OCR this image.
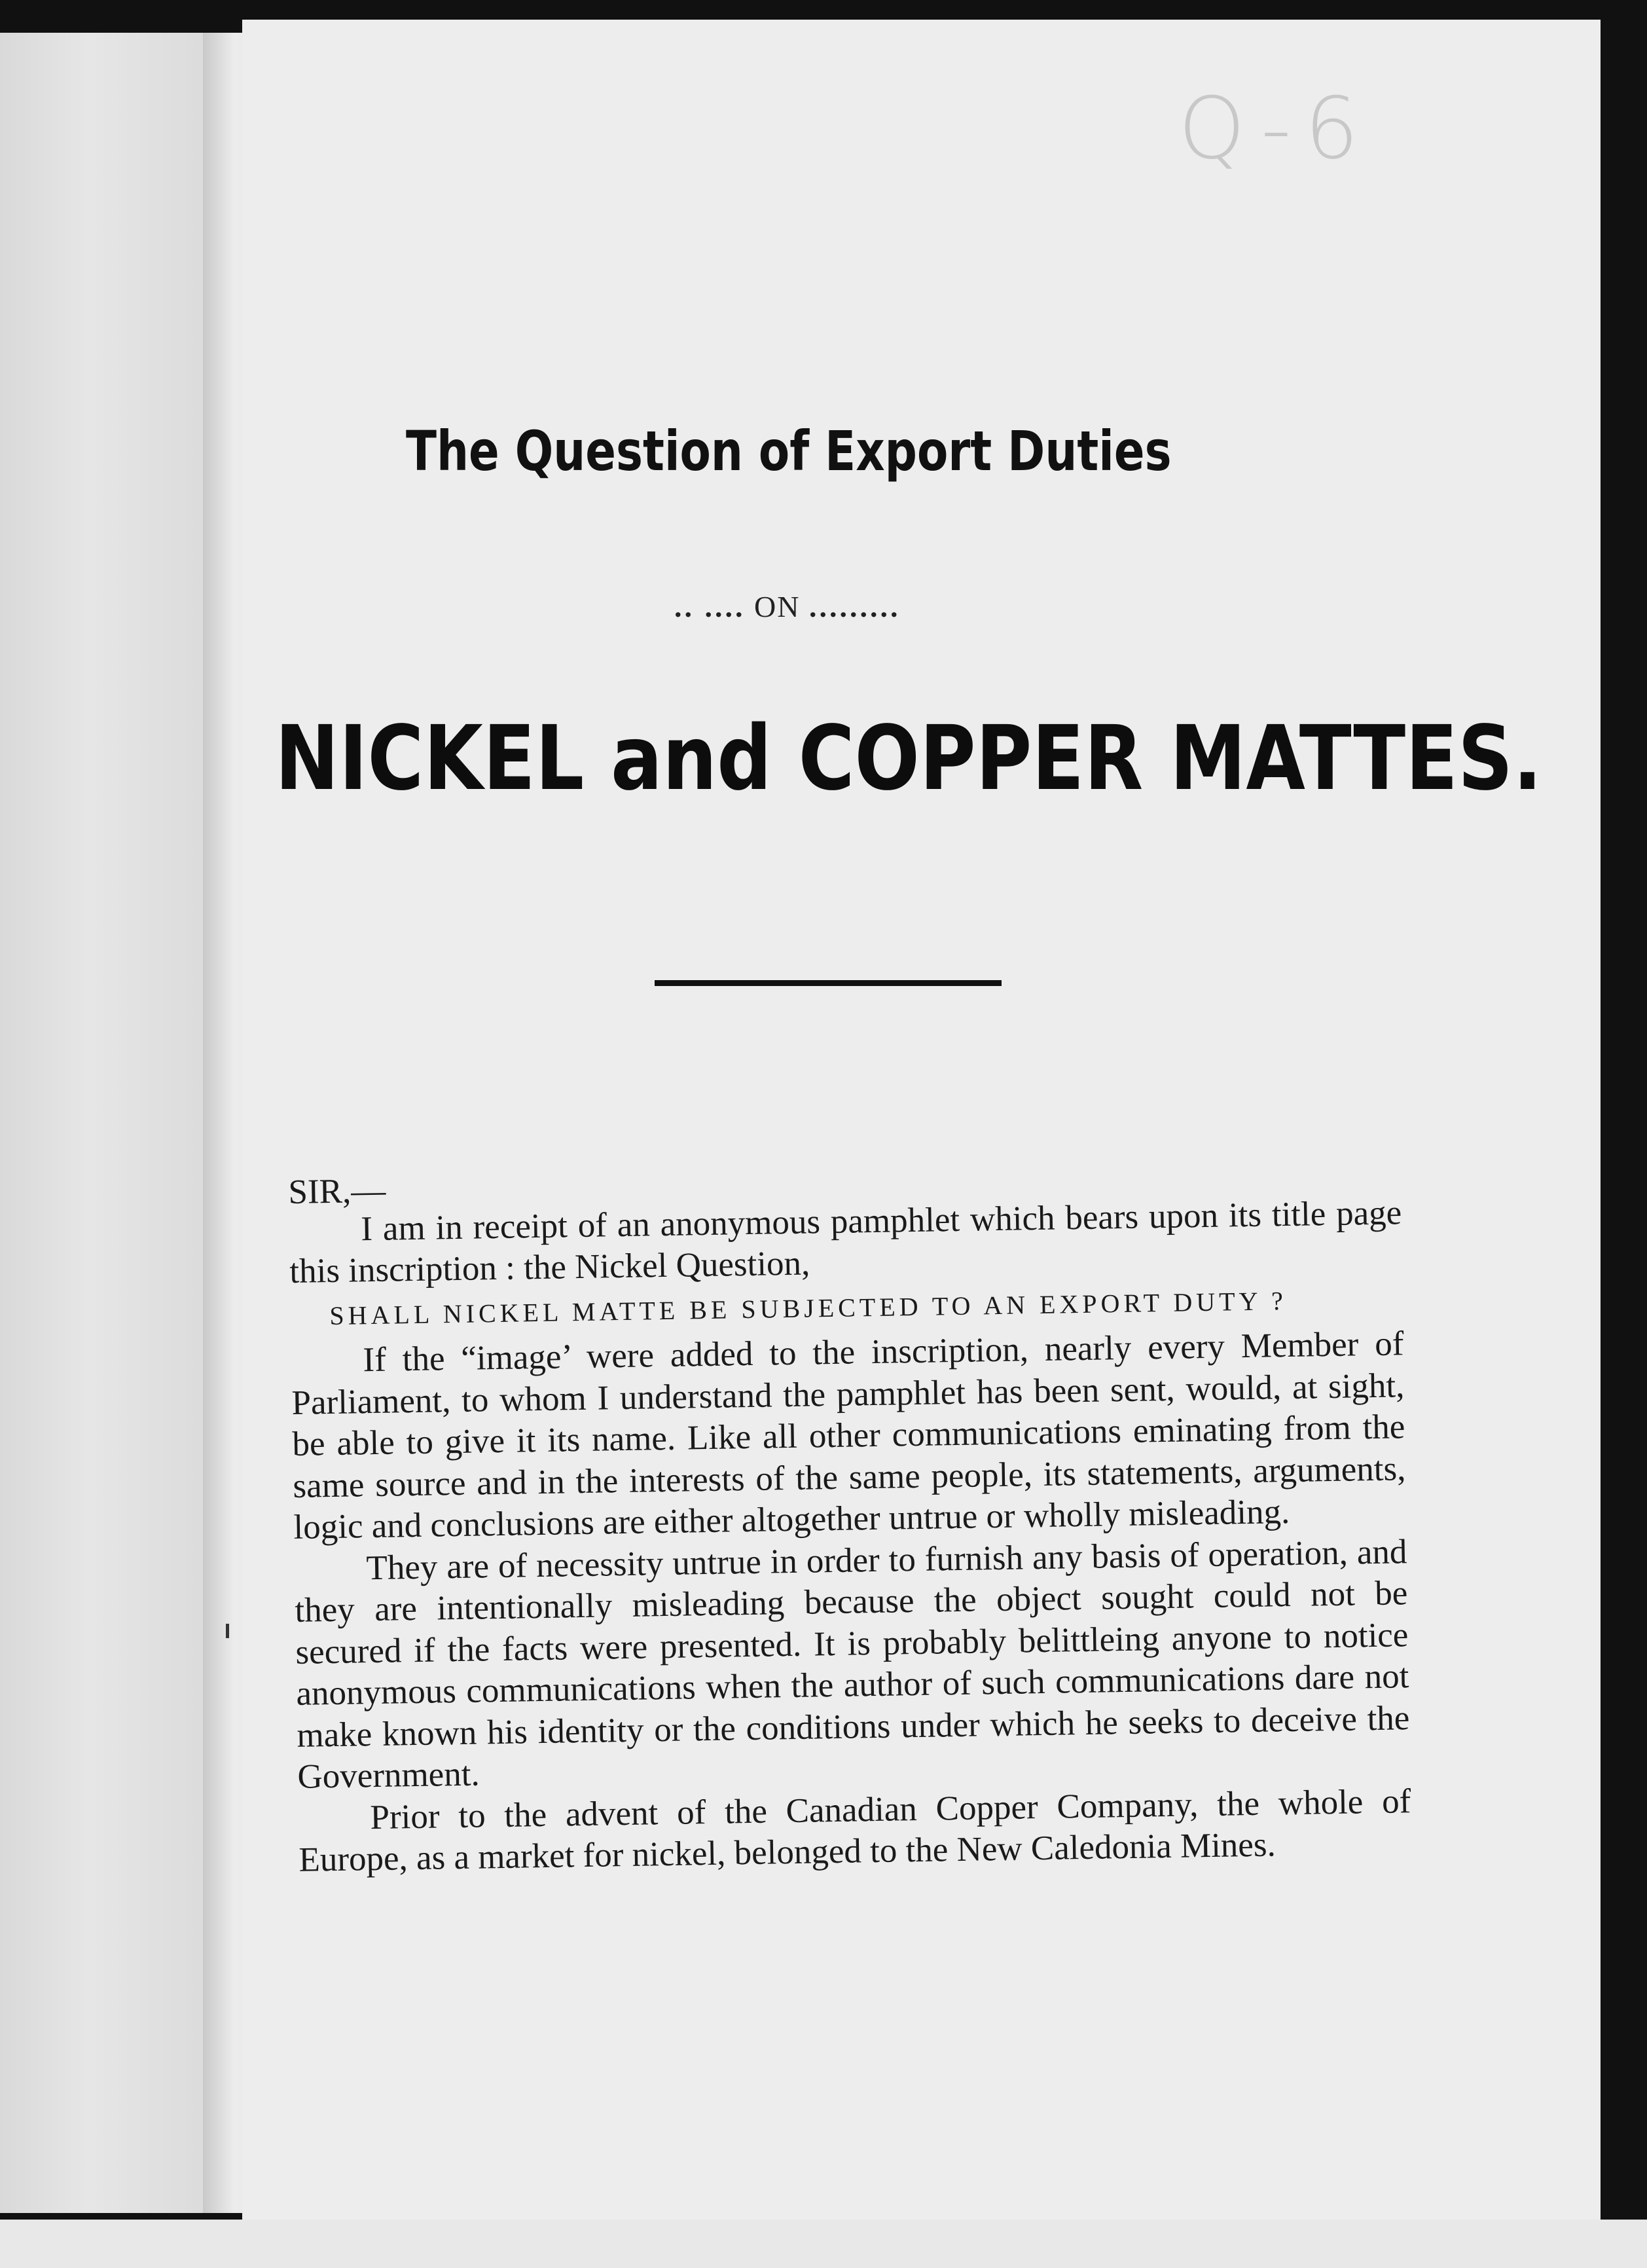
Q-6
The Question of Export Duties
.. .... ON .........
NICKEL and COPPER MATTES.

SIR,—

I am in receipt of an anonymous pamphlet which bears upon its title page this inscription : the Nickel Question,

SHALL NICKEL MATTE BE SUBJECTED TO AN EXPORT DUTY ?

If the “image’ were added to the inscription, nearly every Member of Parliament, to whom I understand the pamphlet has been sent, would, at sight, be able to give it its name. Like all other communications eminating from the same source and in the interests of the same people, its statements, arguments, logic and conclusions are either altogether untrue or wholly misleading.

They are of necessity untrue in order to furnish any basis of operation, and they are intentionally misleading because the object sought could not be secured if the facts were presented. It is probably belittleing anyone to notice anonymous communications when the author of such communications dare not make known his identity or the conditions under which he seeks to deceive the Government.

Prior to the advent of the Canadian Copper Company, the whole of Europe, as a market for nickel, belonged to the New Caledonia Mines.
